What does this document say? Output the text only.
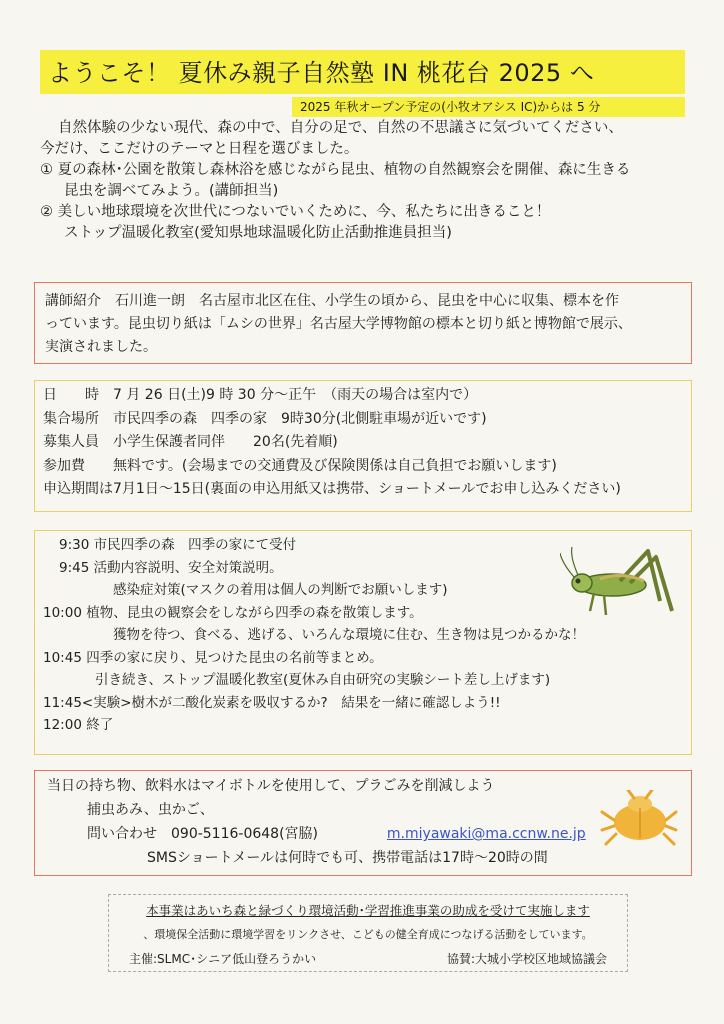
ようこそ！ 夏休み親子自然塾 IN 桃花台 2025 へ
2025 年秋オープン予定の(小牧オアシス IC)からは 5 分

自然体験の少ない現代、森の中で、自分の足で、自然の不思議さに気づいてください、

今だけ、ここだけのテーマと日程を選びました。

① 夏の森林･公園を散策し森林浴を感じながら昆虫、植物の自然観察会を開催、森に生きる

昆虫を調べてみよう。(講師担当)

② 美しい地球環境を次世代につないでいくために、今、私たちに出きること！

ストップ温暖化教室(愛知県地球温暖化防止活動推進員担当)

講師紹介　石川進一朗　名古屋市北区在住、小学生の頃から、昆虫を中心に収集、標本を作

っています。昆虫切り紙は「ムシの世界」名古屋大学博物館の標本と切り紙と博物館で展示、

実演されました。

日　　時　7 月 26 日(土)9 時 30 分～正午　（雨天の場合は室内で）

集合場所　市民四季の森　四季の家　9時30分(北側駐車場が近いです)

募集人員　小学生保護者同伴　　20名(先着順)

参加費　　無料です。(会場までの交通費及び保険関係は自己負担でお願いします)

申込期間は7月1日～15日(裏面の申込用紙又は携帯、ショートメールでお申し込みください)

9:30 市民四季の森　四季の家にて受付

9:45 活動内容説明、安全対策説明。

感染症対策(マスクの着用は個人の判断でお願いします)

10:00 植物、昆虫の観察会をしながら四季の森を散策します。

獲物を待つ、食べる、逃げる、いろんな環境に住む、生き物は見つかるかな！

10:45 四季の家に戻り、見つけた昆虫の名前等まとめ。

引き続き、ストップ温暖化教室(夏休み自由研究の実験シート差し上げます)

11:45<実験>樹木が二酸化炭素を吸収するか?　結果を一緒に確認しよう!!

12:00 終了

当日の持ち物、飲料水はマイボトルを使用して、プラごみを削減しよう

捕虫あみ、虫かご、

問い合わせ　090-5116-0648(宮脇)	m.miyawaki@ma.ccnw.ne.jp

SMSショートメールは何時でも可、携帯電話は17時～20時の間

本事業はあいち森と緑づくり環境活動･学習推進事業の助成を受けて実施します

、環境保全活動に環境学習をリンクさせ、こどもの健全育成につなげる活動をしています。

主催:SLMC･シニア低山登ろうかい	協賛:大城小学校区地域協議会
